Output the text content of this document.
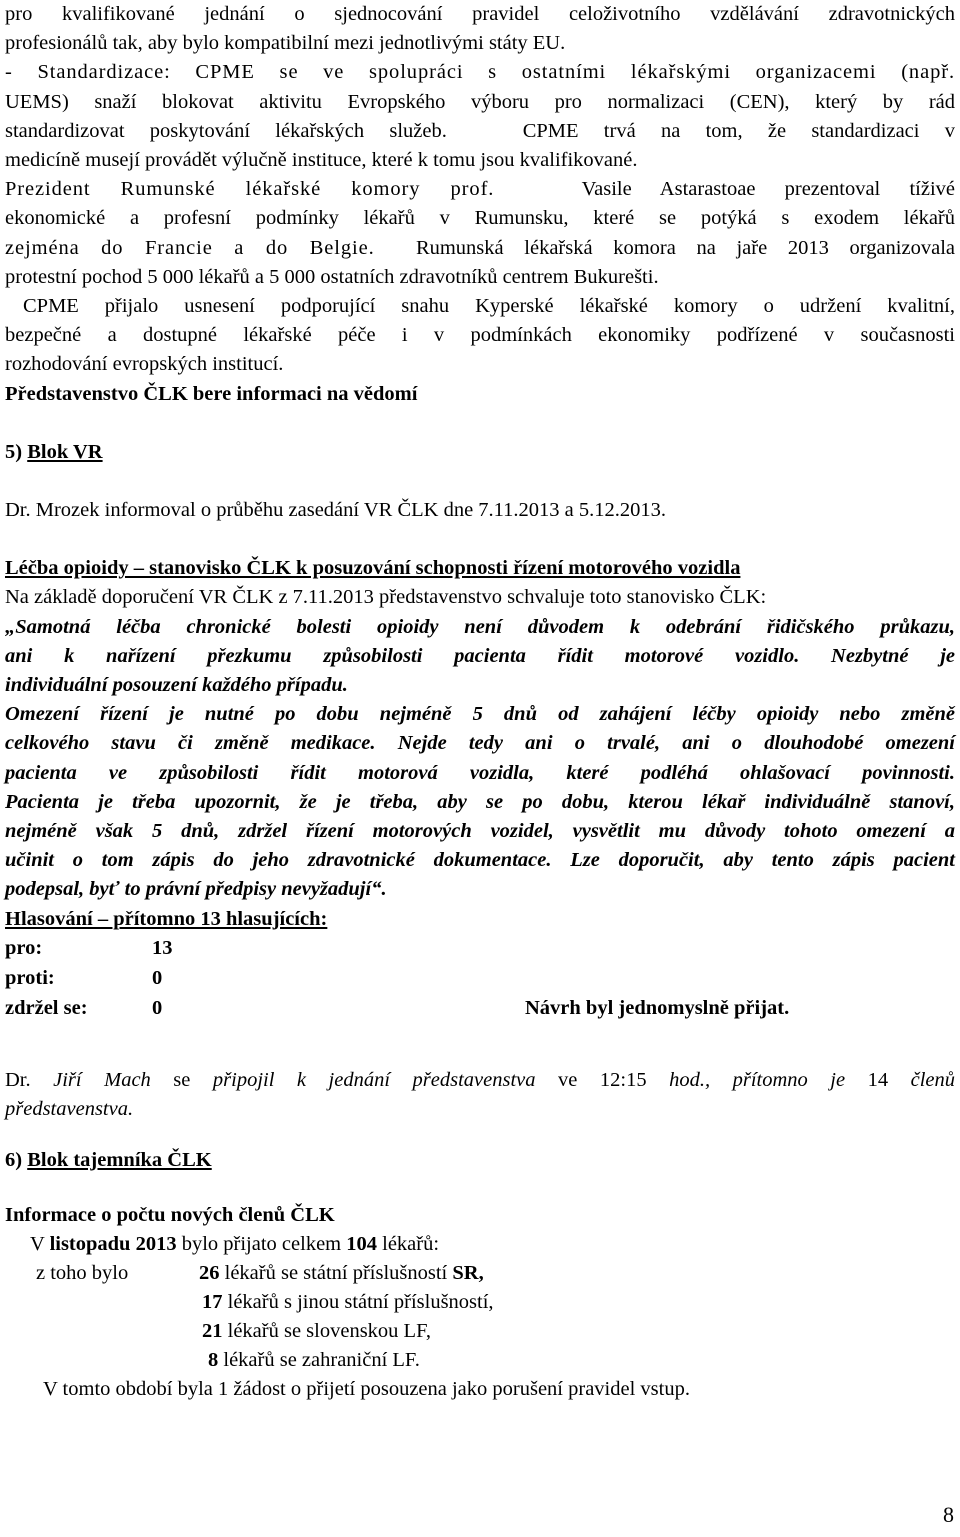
pro kvalifikované jednání o sjednocování pravidel celoživotního vzdělávání zdravotnických

profesionálů tak, aby bylo kompatibilní mezi jednotlivými státy EU.

- Standardizace: CPME se ve spolupráci s ostatními lékařskými organizacemi (např.

UEMS) snaží blokovat aktivitu Evropského výboru pro normalizaci (CEN), který by rád

standardizovat poskytování lékařských služeb.	CPME trvá na tom, že standardizaci v

medicíně musejí provádět výlučně instituce, které k tomu jsou kvalifikované.

Prezident Rumunské lékařské komory prof.	Vasile Astarastoae prezentoval tíživé

ekonomické a profesní podmínky lékařů v Rumunsku, které se potýká s exodem lékařů

zejména do Francie a do Belgie. Rumunská lékařská komora na jaře 2013 organizovala

protestní pochod 5 000 lékařů a 5 000 ostatních zdravotníků centrem Bukurešti.

CPME přijalo usnesení podporující snahu Kyperské lékařské komory o udržení kvalitní,

bezpečné a dostupné lékařské péče i v podmínkách ekonomiky podřízené v současnosti

rozhodování evropských institucí.

Představenstvo ČLK bere informaci na vědomí

5) Blok VR

Dr. Mrozek informoval o průběhu zasedání VR ČLK dne 7.11.2013 a 5.12.2013.

Léčba opioidy – stanovisko ČLK k posuzování schopnosti řízení motorového vozidla

Na základě doporučení VR ČLK z 7.11.2013 představenstvo schvaluje toto stanovisko ČLK:

„Samotná léčba chronické bolesti opioidy není důvodem k odebrání řidičského průkazu,

ani k nařízení přezkumu způsobilosti pacienta řídit motorové vozidlo. Nezbytné je

individuální posouzení každého případu.

Omezení řízení je nutné po dobu nejméně 5 dnů od zahájení léčby opioidy nebo změně

celkového stavu či změně medikace. Nejde tedy ani o trvalé, ani o dlouhodobé omezení

pacienta ve způsobilosti řídit motorová vozidla, které podléhá ohlašovací povinnosti.

Pacienta je třeba upozornit, že je třeba, aby se po dobu, kterou lékař individuálně stanoví,

nejméně však 5 dnů, zdržel řízení motorových vozidel, vysvětlit mu důvody tohoto omezení a

učinit o tom zápis do jeho zdravotnické dokumentace. Lze doporučit, aby tento zápis pacient

podepsal, byť to právní předpisy nevyžadují“.

Hlasování – přítomno 13 hlasujících:

pro:	13
proti:	0
zdržel se:	0	Návrh byl jednomyslně přijat.

Dr. Jiří Mach se připojil k jednání představenstva ve 12:15 hod., přítomno je 14 členů

představenstva.

6) Blok tajemníka ČLK

Informace o počtu nových členů ČLK

V listopadu 2013 bylo přijato celkem 104 lékařů:

z toho bylo	26 lékařů se státní příslušností SR,
17 lékařů s jinou státní příslušností,
21 lékařů se slovenskou LF,
8 lékařů se zahraniční LF.
V tomto období byla 1 žádost o přijetí posouzena jako porušení pravidel vstup.
8
